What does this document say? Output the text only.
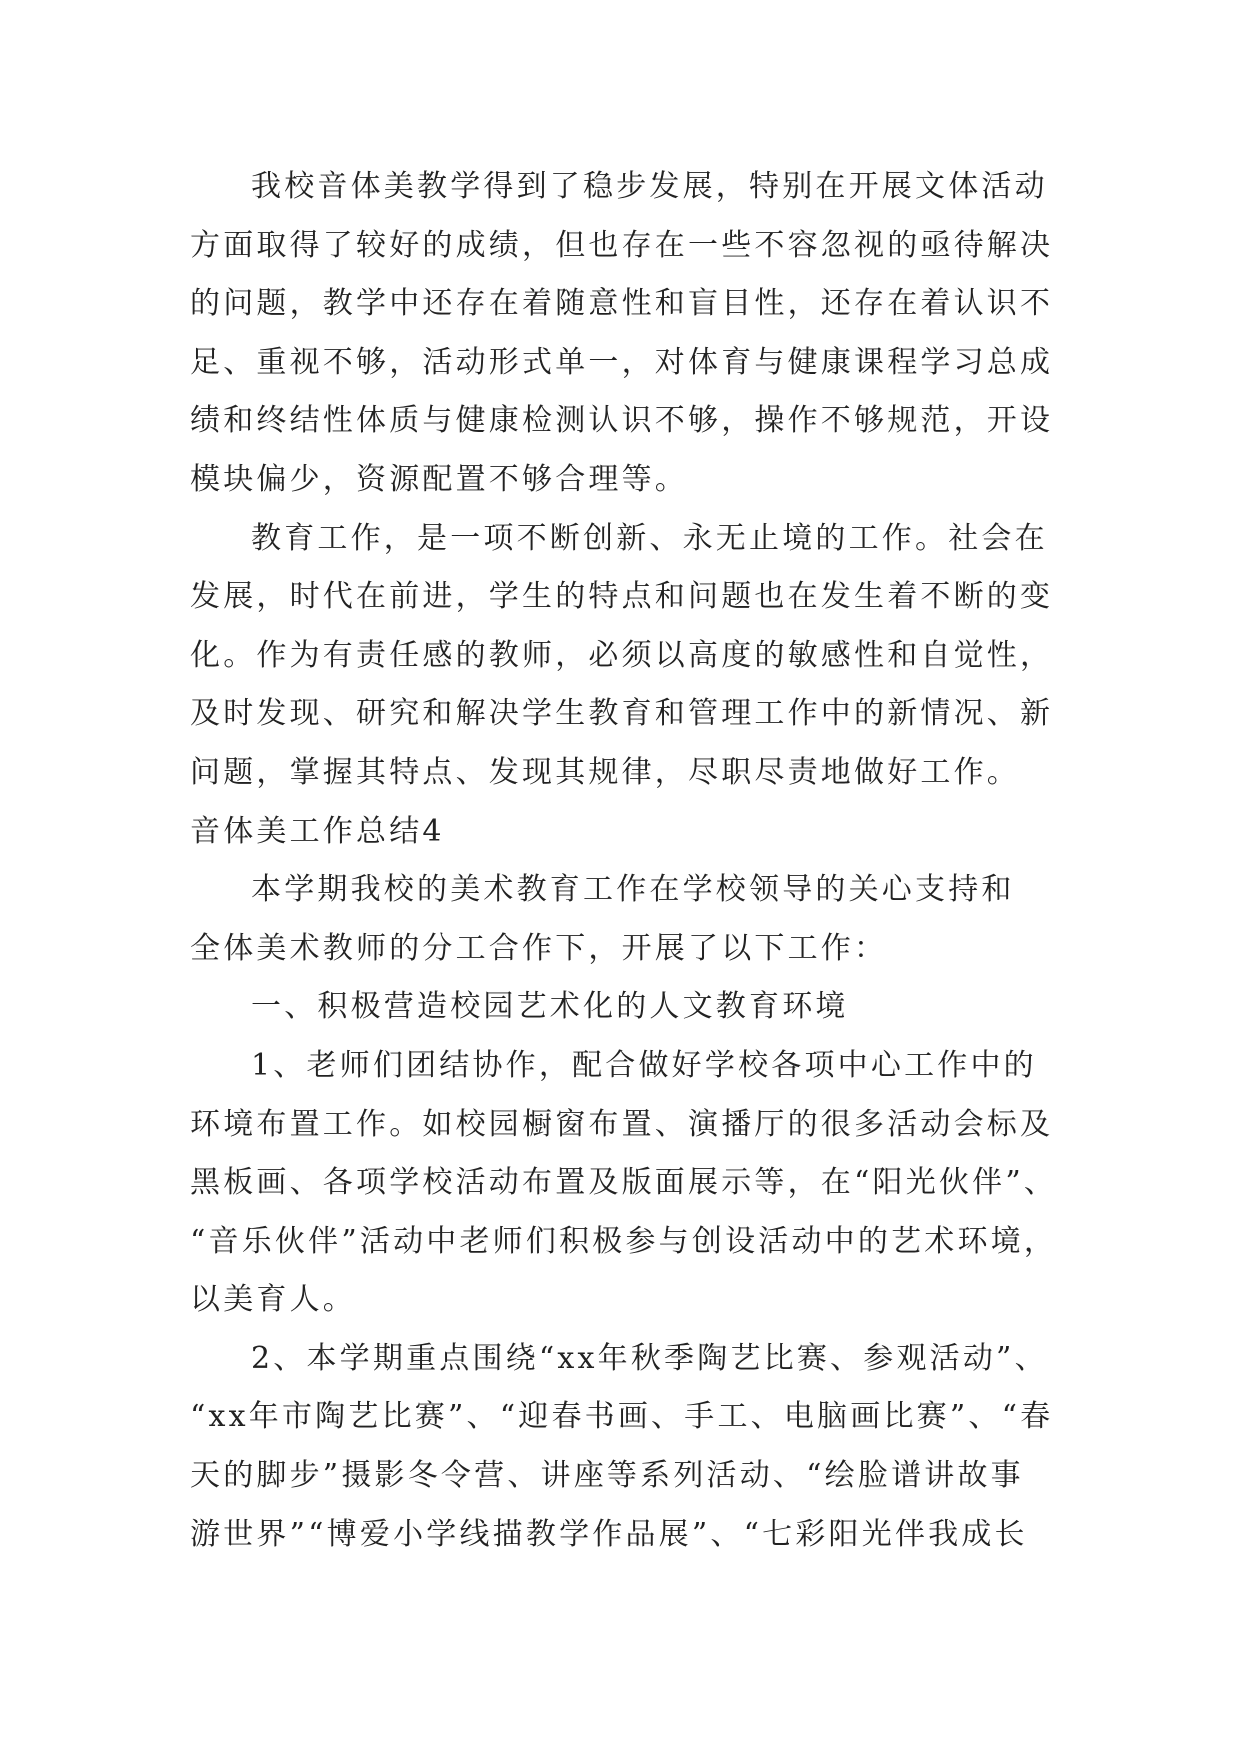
我校音体美教学得到了稳步发展，特别在开展文体活动
方面取得了较好的成绩，但也存在一些不容忽视的亟待解决
的问题，教学中还存在着随意性和盲目性，还存在着认识不
足、重视不够，活动形式单一，对体育与健康课程学习总成
绩和终结性体质与健康检测认识不够，操作不够规范，开设
模块偏少，资源配置不够合理等。
教育工作，是一项不断创新、永无止境的工作。社会在
发展，时代在前进，学生的特点和问题也在发生着不断的变
化。作为有责任感的教师，必须以高度的敏感性和自觉性，
及时发现、研究和解决学生教育和管理工作中的新情况、新
问题，掌握其特点、发现其规律，尽职尽责地做好工作。
音体美工作总结4
本学期我校的美术教育工作在学校领导的关心支持和
全体美术教师的分工合作下，开展了以下工作：
一、积极营造校园艺术化的人文教育环境
1、老师们团结协作，配合做好学校各项中心工作中的
环境布置工作。如校园橱窗布置、演播厅的很多活动会标及
黑板画、各项学校活动布置及版面展示等，在“阳光伙伴”、
“音乐伙伴”活动中老师们积极参与创设活动中的艺术环境，
以美育人。
2、本学期重点围绕“xx年秋季陶艺比赛、参观活动”、
“xx年市陶艺比赛”、“迎春书画、手工、电脑画比赛”、“春
天的脚步”摄影冬令营、讲座等系列活动、“绘脸谱讲故事
游世界”“博爱小学线描教学作品展”、“七彩阳光伴我成长
